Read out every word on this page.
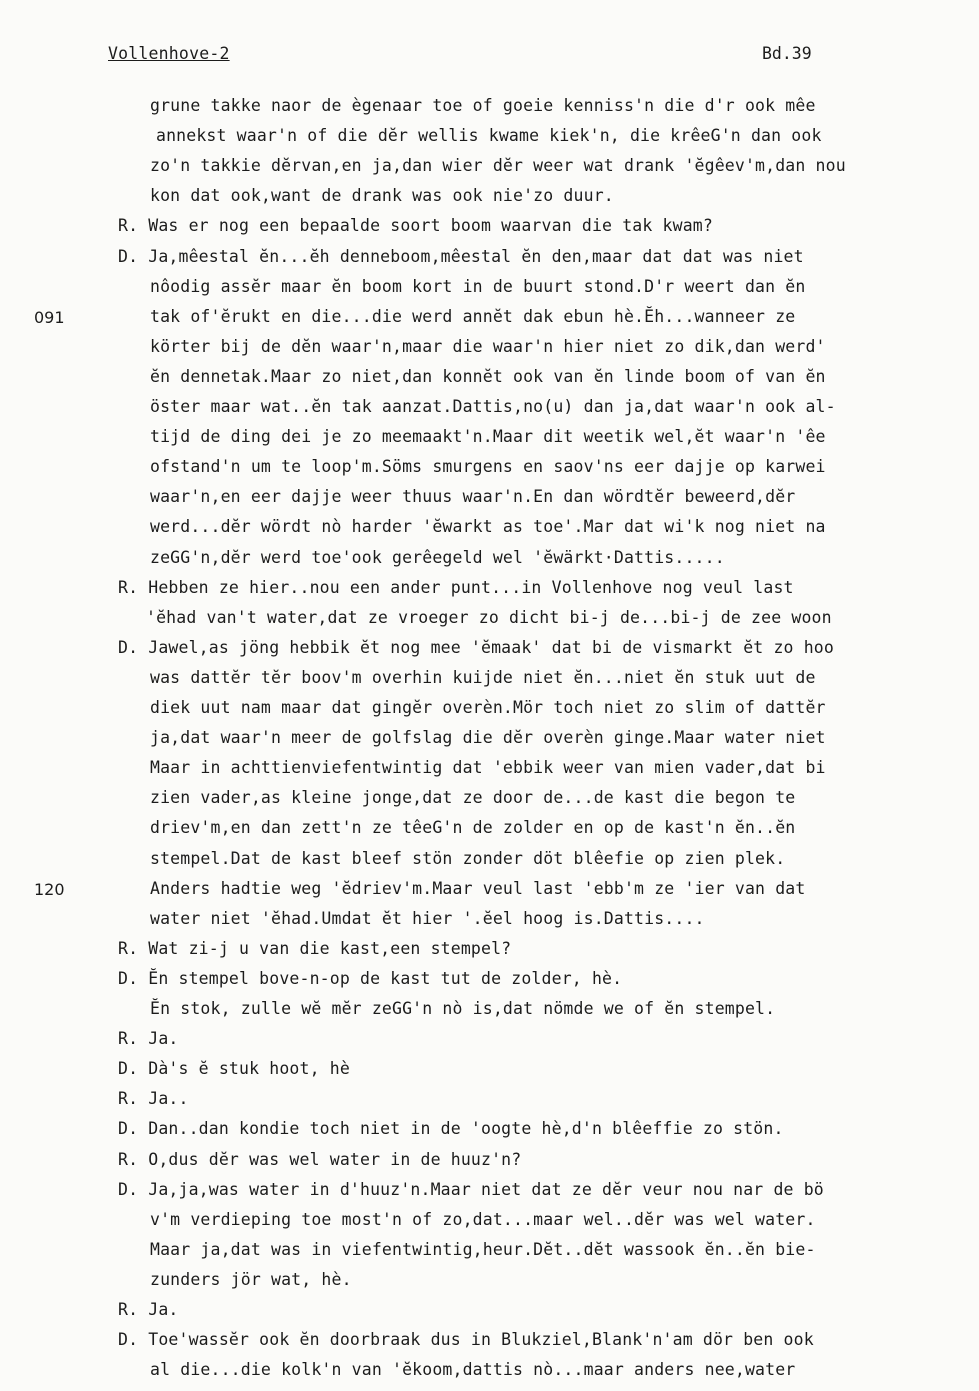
Vollenhove-2	Bd.39
grune takke naor de ègenaar toe of goeie kenniss'n die d'r ook mêe
annekst waar'n of die dĕr wellis kwame kiek'n, die krêeG'n dan ook
zo'n takkie dĕrvan,en ja,dan wier dĕr weer wat drank 'ĕgêev'm,dan nou
kon dat ook,want de drank was ook nie'zo duur.
R. Was er nog een bepaalde soort boom waarvan die tak kwam?
D. Ja,mêestal ĕn...ĕh denneboom,mêestal ĕn den,maar dat dat was niet
nôodig assĕr maar ĕn boom kort in de buurt stond.D'r weert dan ĕn
tak of'ĕrukt en die...die werd annĕt dak ebun hè.Ĕh...wanneer ze
körter bij de dĕn waar'n,maar die waar'n hier niet zo dik,dan werd'
ĕn dennetak.Maar zo niet,dan konnĕt ook van ĕn linde boom of van ĕn
öster maar wat..ĕn tak aanzat.Dattis,no(u) dan ja,dat waar'n ook al-
tijd de ding dei je zo meemaakt'n.Maar dit weetik wel,ĕt waar'n 'êe
ofstand'n um te loop'm.Söms smurgens en saov'ns eer dajje op karwei
waar'n,en eer dajje weer thuus waar'n.En dan wördtĕr beweerd,dĕr
werd...dĕr wördt nò harder 'ĕwarkt as toe'.Mar dat wi'k nog niet na
zeGG'n,dĕr werd toe'ook gerêegeld wel 'ĕwärkt·Dattis.....
R. Hebben ze hier..nou een ander punt...in Vollenhove nog veul last
'ĕhad van't water,dat ze vroeger zo dicht bi-j de...bi-j de zee woon
D. Jawel,as jöng hebbik ĕt nog mee 'ĕmaak' dat bi de vismarkt ĕt zo hoo
was dattĕr tĕr boov'm overhin kuijde niet ĕn...niet ĕn stuk uut de
diek uut nam maar dat gingĕr overèn.Mör toch niet zo slim of dattĕr
ja,dat waar'n meer de golfslag die dĕr overèn ginge.Maar water niet
Maar in achttienviefentwintig dat 'ebbik weer van mien vader,dat bi
zien vader,as kleine jonge,dat ze door de...de kast die begon te
driev'm,en dan zett'n ze têeG'n de zolder en op de kast'n ĕn..ĕn
stempel.Dat de kast bleef stön zonder döt blêefie op zien plek.
Anders hadtie weg 'ĕdriev'm.Maar veul last 'ebb'm ze 'ier van dat
water niet 'ĕhad.Umdat ĕt hier '.ĕel hoog is.Dattis....
R. Wat zi-j u van die kast,een stempel?
D. Ĕn stempel bove-n-op de kast tut de zolder, hè.
Ĕn stok, zulle wĕ mĕr zeGG'n nò is,dat nömde we of ĕn stempel.
R. Ja.
D. Dà's ĕ stuk hoot, hè
R. Ja..
D. Dan..dan kondie toch niet in de 'oogte hè,d'n blêeffie zo stön.
R. O,dus dĕr was wel water in de huuz'n?
D. Ja,ja,was water in d'huuz'n.Maar niet dat ze dĕr veur nou nar de bö
v'm verdieping toe most'n of zo,dat...maar wel..dĕr was wel water.
Maar ja,dat was in viefentwintig,heur.Dĕt..dĕt wassook ĕn..ĕn bie-
zunders jör wat, hè.
R. Ja.
D. Toe'wassĕr ook ĕn doorbraak dus in Blukziel,Blank'n'am dör ben ook
al die...die kolk'n van 'ĕkoom,dattis nò...maar anders nee,water
091
120
